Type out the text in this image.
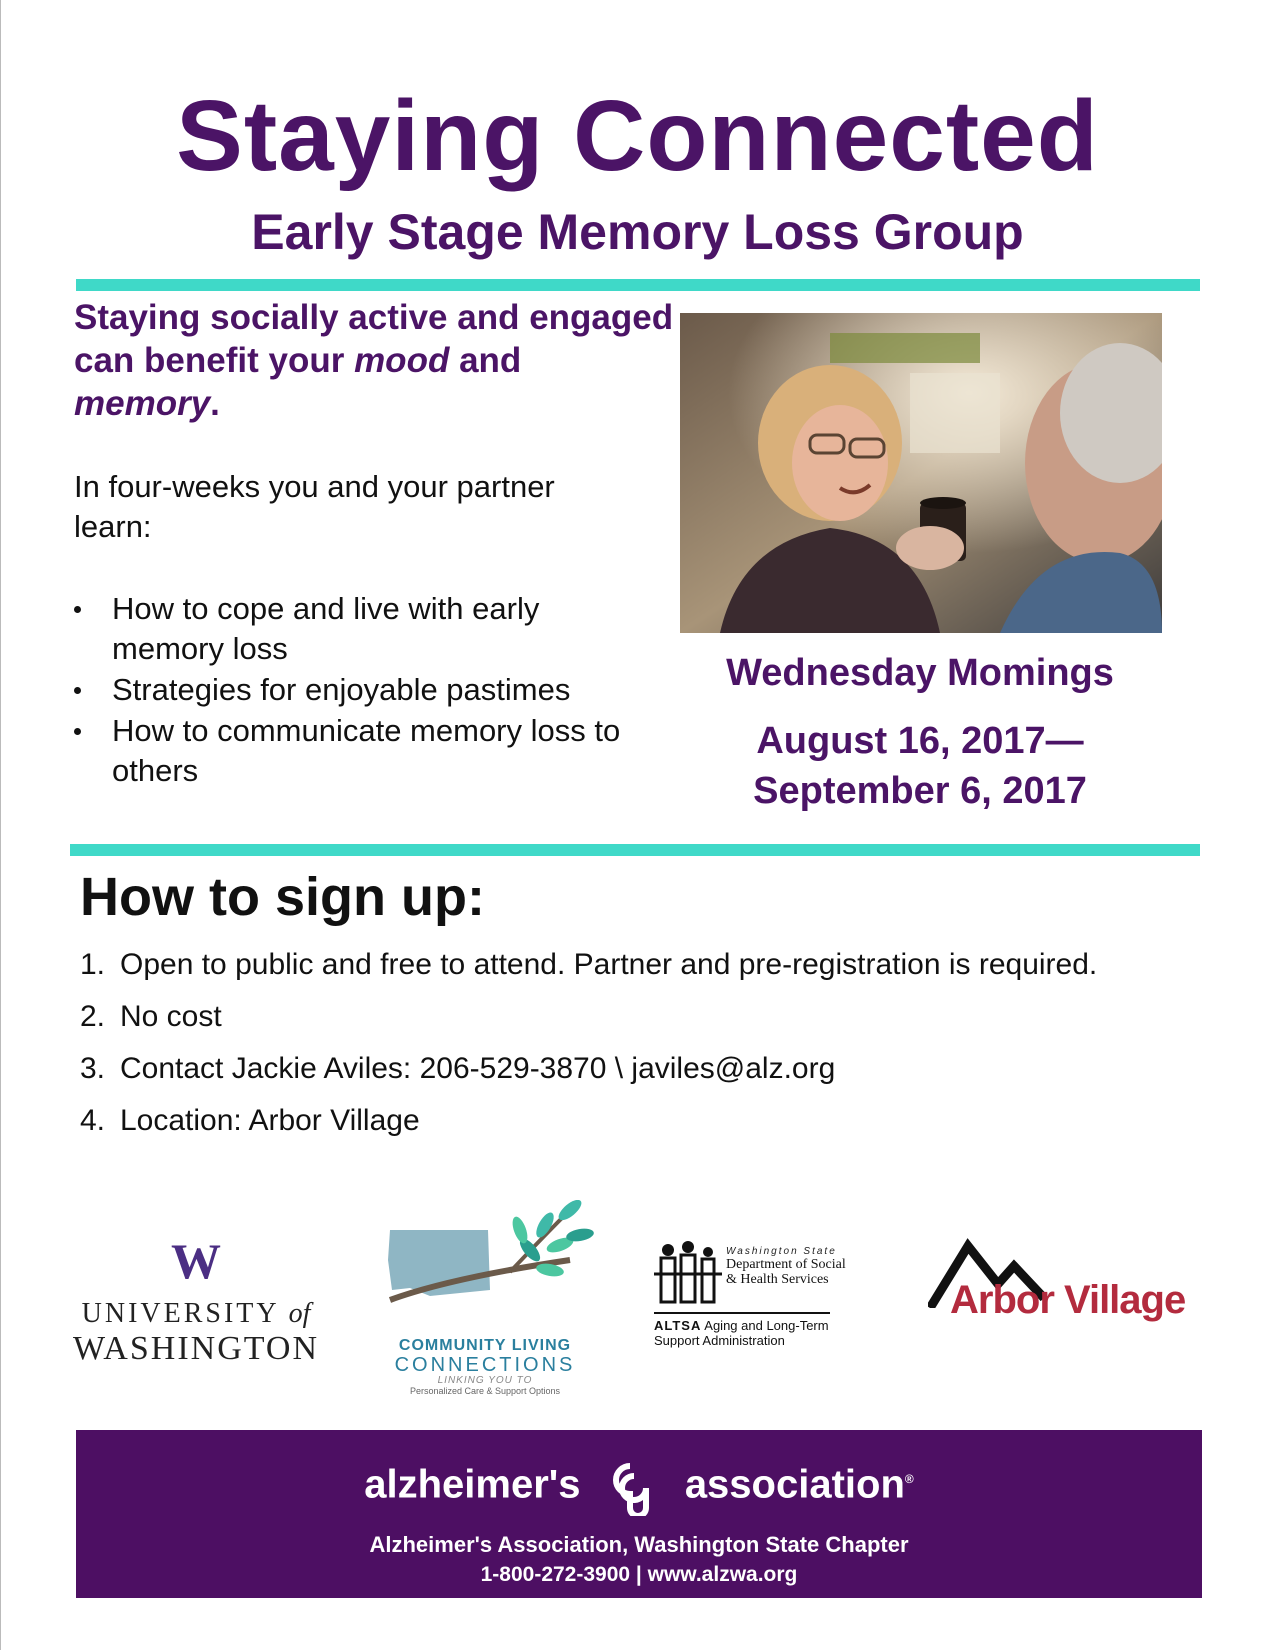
Staying Connected
Early Stage Memory Loss Group
Staying socially active and engaged can benefit your mood and memory.
In four-weeks you and your partner learn:
How to cope and live with early memory loss
Strategies for enjoyable pastimes
How to communicate memory loss to others
Wednesday Momings
August 16, 2017—
September 6, 2017
How to sign up:
1. Open to public and free to attend. Partner and pre-registration is required.
2. No cost
3. Contact Jackie Aviles: 206-529-3870 \ javiles@alz.org
4. Location: Arbor Village
W
UNIVERSITY of
WASHINGTON	COMMUNITY LIVING
CONNECTIONS
LINKING YOU TO
Personalized Care & Support Options
Washington State
Department of Social
& Health Services
ALTSA Aging and Long-Term
Support Administration
Arbor Village
alzheimer's	association®
Alzheimer's Association, Washington State Chapter
1-800-272-3900 | www.alzwa.org
